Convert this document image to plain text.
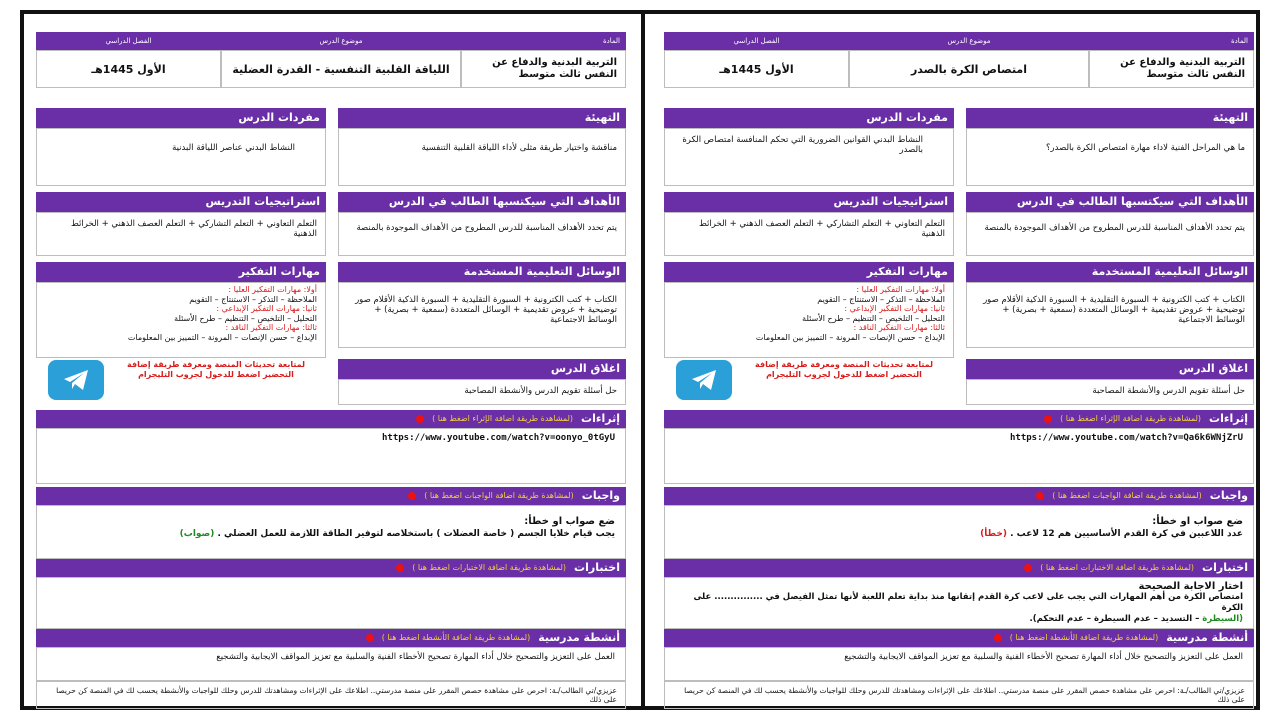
المادة
التربية البدنية والدفاع عن النفس ثالث متوسط
موضوع الدرس
اللياقة القلبية التنفسية - القدرة العضلية
الفصل الدراسي
الأول 1445هـ
التهيئة
مناقشة واختيار طريقة مثلى لأداء اللياقة القلبية التنفسية
مفردات الدرس
النشاط البدني عناصر اللياقة البدنية
الأهداف التي سيكتسبها الطالب في الدرس
يتم تحدد الأهداف المناسبة للدرس المطروح من الأهداف الموجودة بالمنصة
استراتيجيات التدريس
التعلم التعاوني + التعلم التشاركي + التعلم العصف الذهني + الخرائط الذهنية
الوسائل التعليمية المستخدمة
الكتاب + كتب الكترونية + السبورة التقليدية + السبورة الذكية الأقلام صور توضيحية + عروض تقديمية + الوسائل المتعددة (سمعية + بصرية) + الوسائط الاجتماعية
مهارات التفكير
أولا: مهارات التفكير العليا :
الملاحظة – التذكر – الاستنتاج – التقويم
ثانيا: مهارات التفكير الإبداعي :
التحليل – التلخيص – التنظيم – طرح الأسئلة
ثالثا: مهارات التفكير الناقد :
الإبداع – حسن الإنصات – المرونة – التمييز بين المعلومات
اغلاق الدرس
حل أسئلة تقويم الدرس والأنشطة المصاحبة
لمتابعة تحديثات المنصة ومعرفة طريقة إضافة التحضير اضغط للدخول لجروب التليجرام
إثراءات
(لمشاهدة طريقة اضافة الإثراء اضغط هنا )
https://www.youtube.com/watch?v=oonyo_0tGyU
واجبات
(لمشاهدة طريقة اضافة الواجبات اضغط هنا )
ضع صواب او خطأ:
يجب قيام خلايا الجسم ( خاصة العضلات ) باستخلاصه لتوفير الطاقة اللازمة للعمل العضلي . (صواب)
اختبارات
(لمشاهدة طريقة اضافة الاختبارات اضغط هنا )
أنشطة مدرسية
(لمشاهدة طريقة اضافة الأنشطة اضغط هنا )
العمل على التعزيز والتصحيح خلال أداء المهارة تصحيح الأخطاء الفنية والسلبية مع تعزيز المواقف الايجابية والتشجيع
عزيزي/تي الطالب/ـة: احرص على مشاهدة حصص المقرر على منصة مدرستي.. اطلاعك على الإثراءات ومشاهدتك للدرس وحلك للواجبات والأنشطة يحسب لك في المنصة كن حريصا على ذلك
المادة
التربية البدنية والدفاع عن النفس ثالث متوسط
موضوع الدرس
امتصاص الكرة بالصدر
الفصل الدراسي
الأول 1445هـ
التهيئة
ما هي المراحل الفنية لاداء مهارة امتصاص الكرة بالصدر؟
مفردات الدرس
النشاط البدني القوانين الضرورية التي تحكم المنافسة امتصاص الكرة بالصدر
الأهداف التي سيكتسبها الطالب في الدرس
يتم تحدد الأهداف المناسبة للدرس المطروح من الأهداف الموجودة بالمنصة
استراتيجيات التدريس
التعلم التعاوني + التعلم التشاركي + التعلم العصف الذهني + الخرائط الذهنية
الوسائل التعليمية المستخدمة
الكتاب + كتب الكترونية + السبورة التقليدية + السبورة الذكية الأقلام صور توضيحية + عروض تقديمية + الوسائل المتعددة (سمعية + بصرية) + الوسائط الاجتماعية
مهارات التفكير
أولا: مهارات التفكير العليا :
الملاحظة – التذكر – الاستنتاج – التقويم
ثانيا: مهارات التفكير الإبداعي :
التحليل – التلخيص – التنظيم – طرح الأسئلة
ثالثا: مهارات التفكير الناقد :
الإبداع – حسن الإنصات – المرونة – التمييز بين المعلومات
اغلاق الدرس
حل أسئلة تقويم الدرس والأنشطة المصاحبة
لمتابعة تحديثات المنصة ومعرفة طريقة إضافة التحضير اضغط للدخول لجروب التليجرام
إثراءات
(لمشاهدة طريقة اضافة الإثراء اضغط هنا )
https://www.youtube.com/watch?v=Qa6k6WNjZrU
واجبات
(لمشاهدة طريقة اضافة الواجبات اضغط هنا )
ضع صواب او خطأ:
عدد اللاعبين في كرة القدم الأساسيين هم 12 لاعب . (خطأ)
اختبارات
(لمشاهدة طريقة اضافة الاختبارات اضغط هنا )
اختار الاجابة الصحيحة
امتصاص الكرة من أهم المهارات التي يجب على لاعب كرة القدم إتقانها منذ بداية تعلم اللعبة لأنها تمثل الفيصل في ............... على الكرة
(السيطرة – التسديد – عدم السيطرة – عدم التحكم).
أنشطة مدرسية
(لمشاهدة طريقة اضافة الأنشطة اضغط هنا )
العمل على التعزيز والتصحيح خلال أداء المهارة تصحيح الأخطاء الفنية والسلبية مع تعزيز المواقف الايجابية والتشجيع
عزيزي/تي الطالب/ـة: احرص على مشاهدة حصص المقرر على منصة مدرستي.. اطلاعك على الإثراءات ومشاهدتك للدرس وحلك للواجبات والأنشطة يحسب لك في المنصة كن حريصا على ذلك
